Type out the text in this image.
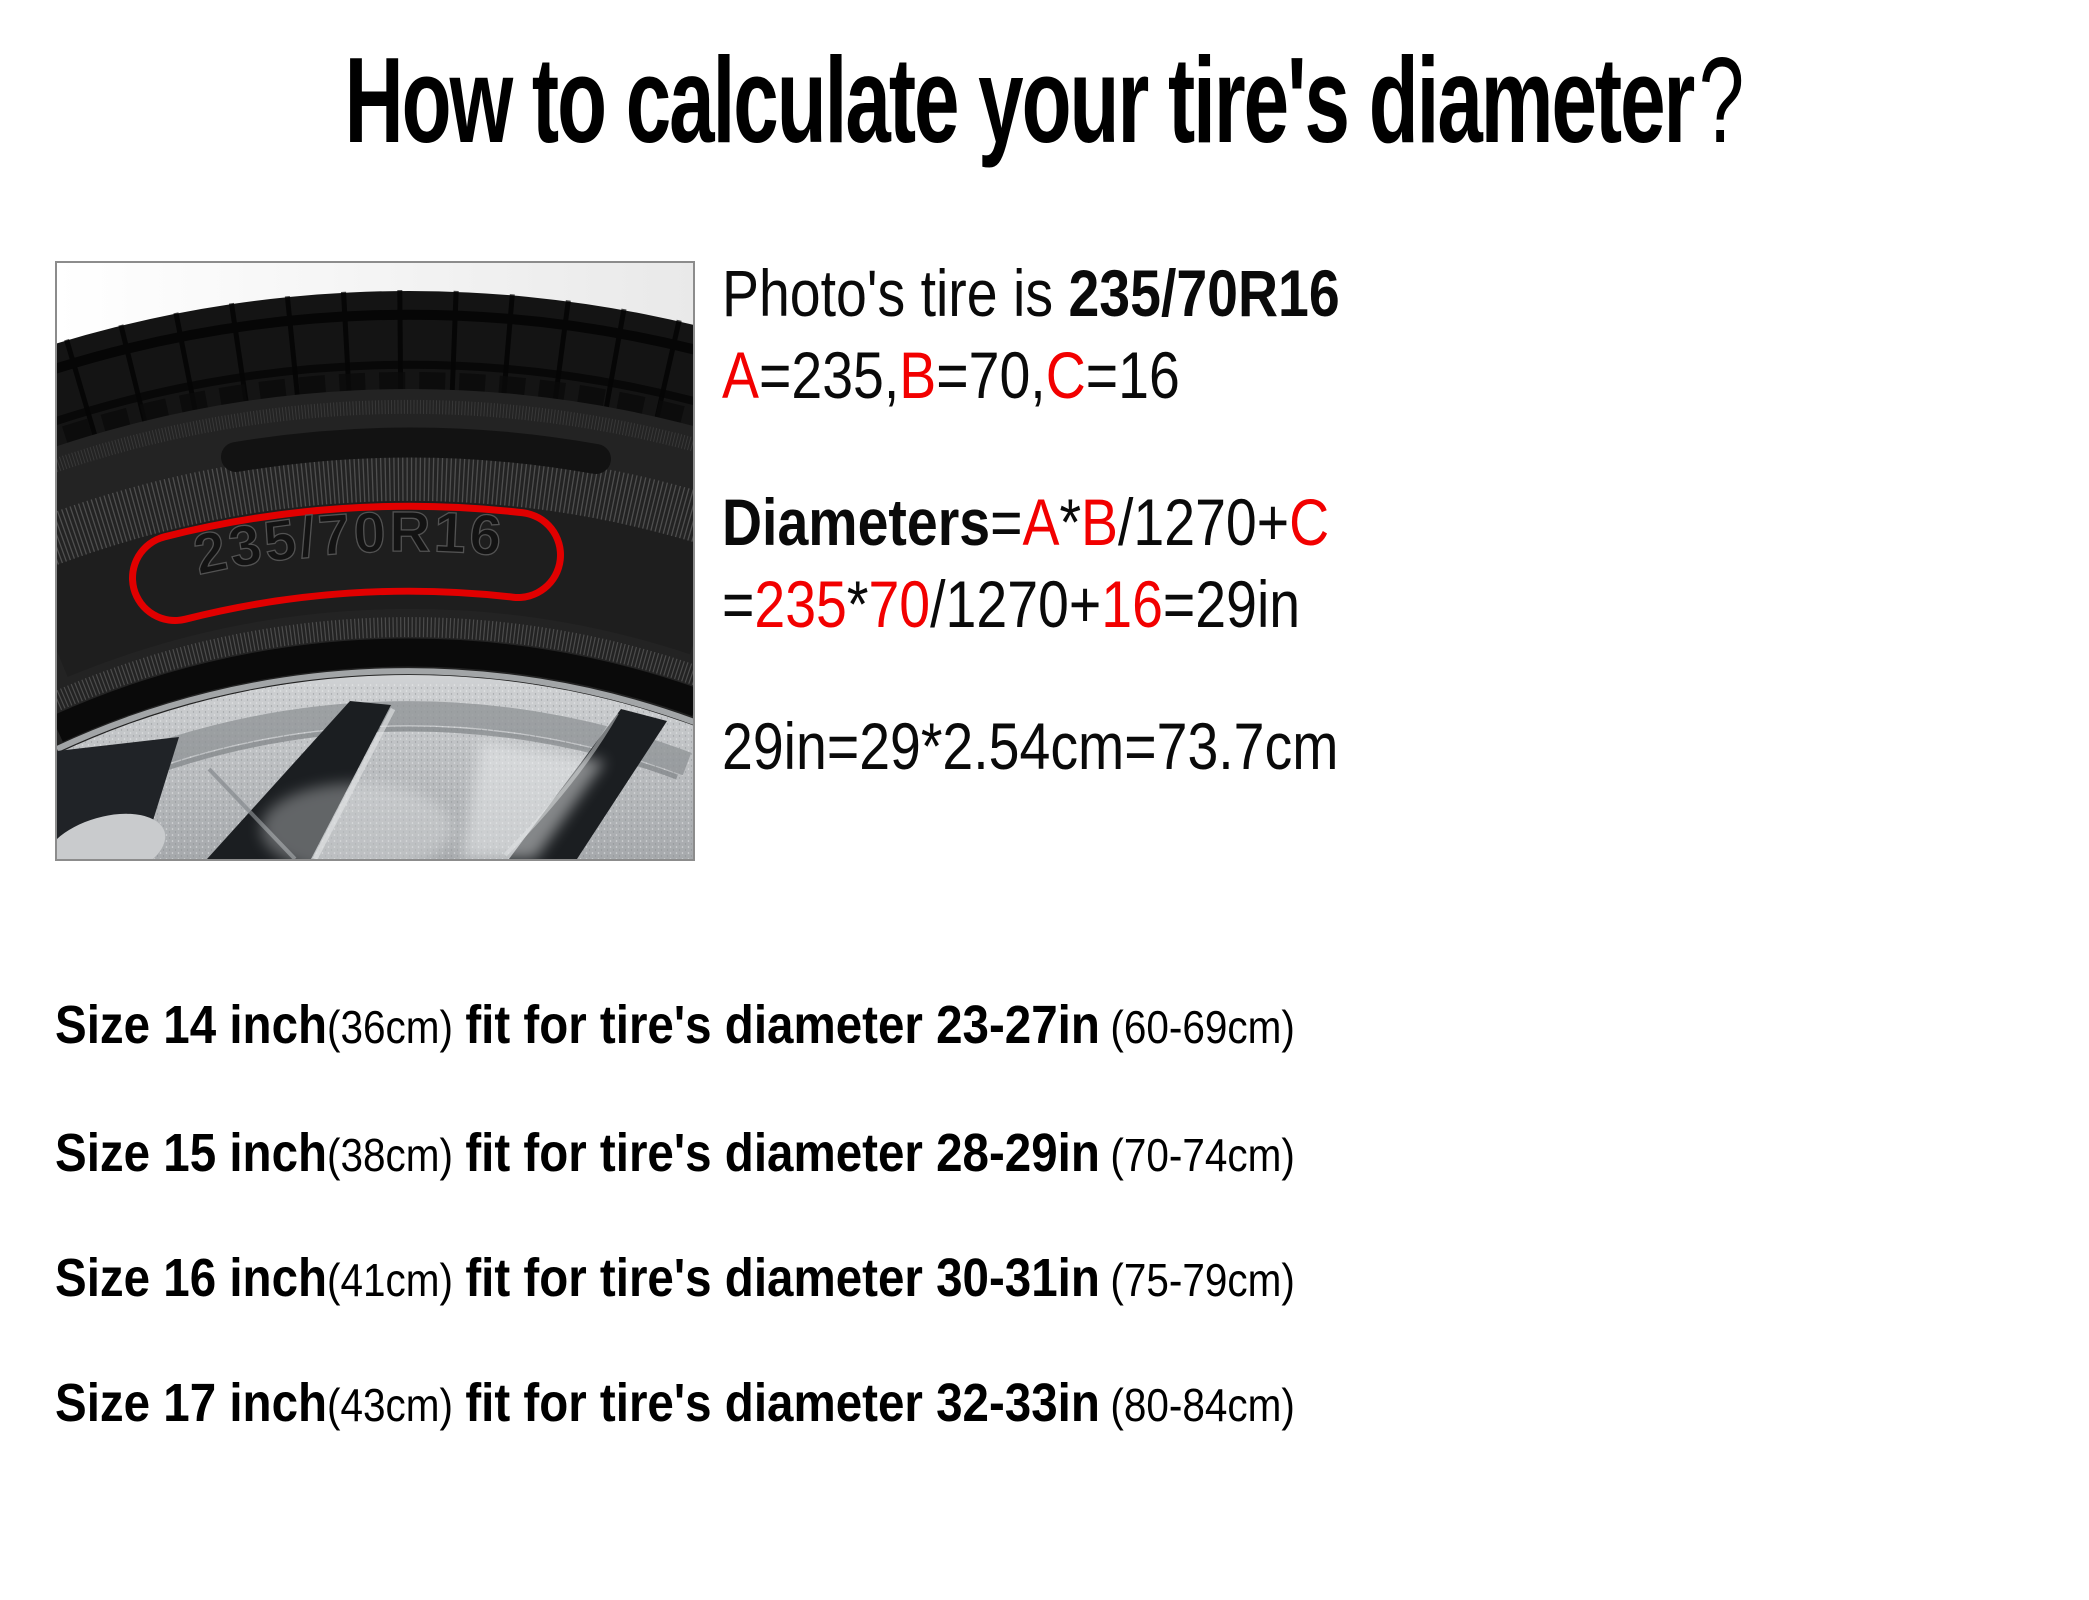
How to calculate your tire's diameter?
235/70R16
Photo's tire is 235/70R16
A=235,B=70,C=16
Diameters=A*B/1270+C
=235*70/1270+16=29in
29in=29*2.54cm=73.7cm
Size 14 inch(36cm) fit for tire's diameter 23-27in (60-69cm)
Size 15 inch(38cm) fit for tire's diameter 28-29in (70-74cm)
Size 16 inch(41cm) fit for tire's diameter 30-31in (75-79cm)
Size 17 inch(43cm) fit for tire's diameter 32-33in (80-84cm)
